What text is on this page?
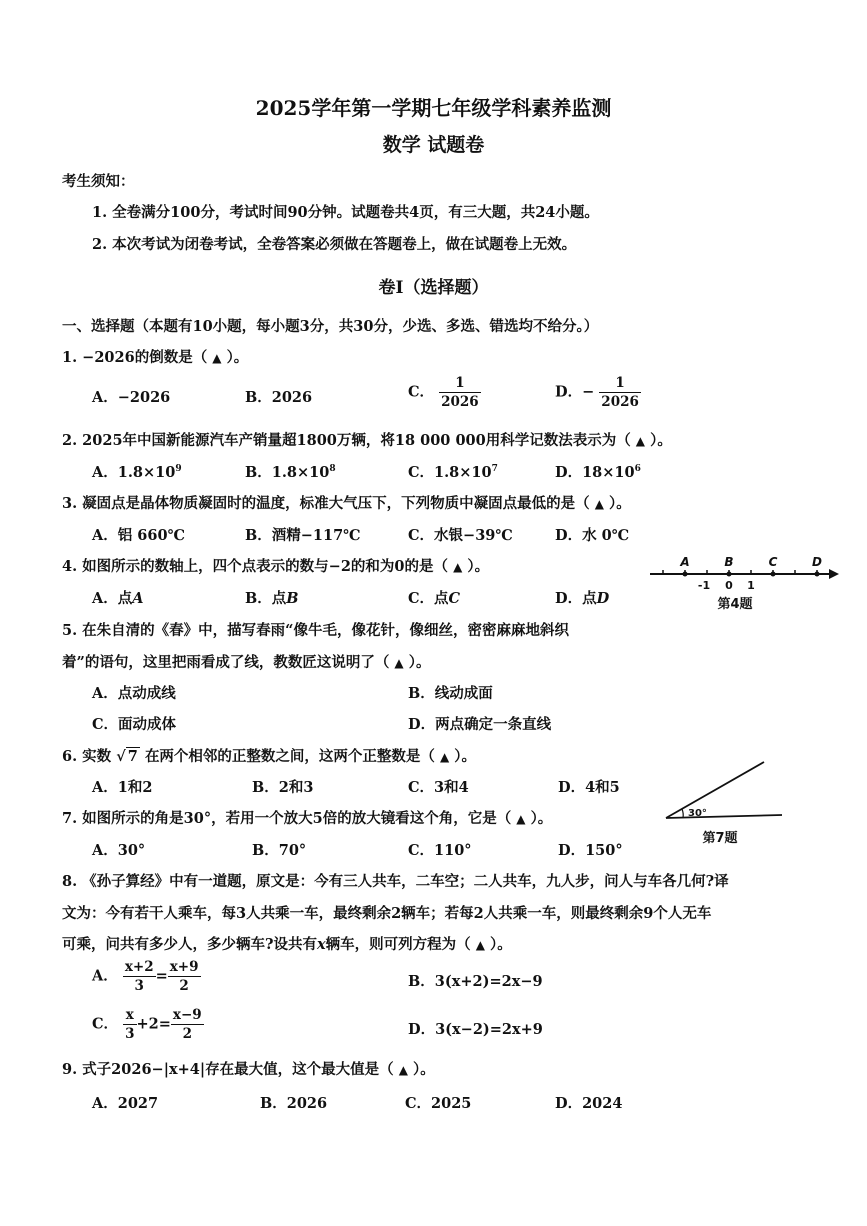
2025学年第一学期七年级学科素养监测
数学 试题卷
考生须知：
1. 全卷满分100分，考试时间90分钟。试题卷共4页，有三大题，共24小题。
2. 本次考试为闭卷考试，全卷答案必须做在答题卷上，做在试题卷上无效。
卷Ⅰ（选择题）
一、选择题（本题有10小题，每小题3分，共30分，少选、多选、错选均不给分。）
1. −2026的倒数是（ ▲ ）。
A．−2026	B．2026	C． $\frac{1}{2026}$	D．− $\frac{1}{2026}$
2. 2025年中国新能源汽车产销量超1800万辆，将18 000 000用科学记数法表示为（ ▲ ）。
A．$1.8\times 10^9$	B．$1.8\times 10^8$	C．$1.8\times 10^7$	D．$18\times 10^6$
3. 凝固点是晶体物质凝固时的温度，标准大气压下，下列物质中凝固点最低的是（ ▲ ）。
A．铝 660℃	B．酒精−117℃	C．水银−39℃	D．水 0℃
4. 如图所示的数轴上，四个点表示的数与−2的和为0的是（ ▲ ）。
A．点A	B．点B	C．点C	D．点D
A	B	C	D
-1 0 1
第4题
5. 在朱自清的《春》中，描写春雨“像牛毛，像花针，像细丝，密密麻麻地斜织
着”的语句，这里把雨看成了线，教数匠这说明了（ ▲ ）。
A．点动成线	B．线动成面
C．面动成体	D．两点确定一条直线
6. 实数 √ 7 在两个相邻的正整数之间，这两个正整数是（ ▲ ）。
A．1和2	B．2和3	C．3和4	D．4和5
7. 如图所示的角是30°，若用一个放大5倍的放大镜看这个角，它是（ ▲ ）。
A．30°	B．70°	C．110°	D．150°
30°
第7题
8. 《孙子算经》中有一道题，原文是：今有三人共车，二车空；二人共车，九人步，问人与车各几何?译
文为：今有若干人乘车，每3人共乘一车，最终剩余2辆车；若每2人共乘一车，则最终剩余9个人无车
可乘，问共有多少人，多少辆车?设共有x辆车，则可列方程为（ ▲ ）。
A． $\frac{x+2}{3} = \frac{x+9}{2}$	B．3(x+2)=2x−9
C． $\frac{x}{3} +2= \frac{x-9}{2}$	D．3(x−2)=2x+9
9. 式子2026−|x+4|存在最大值，这个最大值是（ ▲ ）。
A．2027	B．2026	C．2025	D．2024
